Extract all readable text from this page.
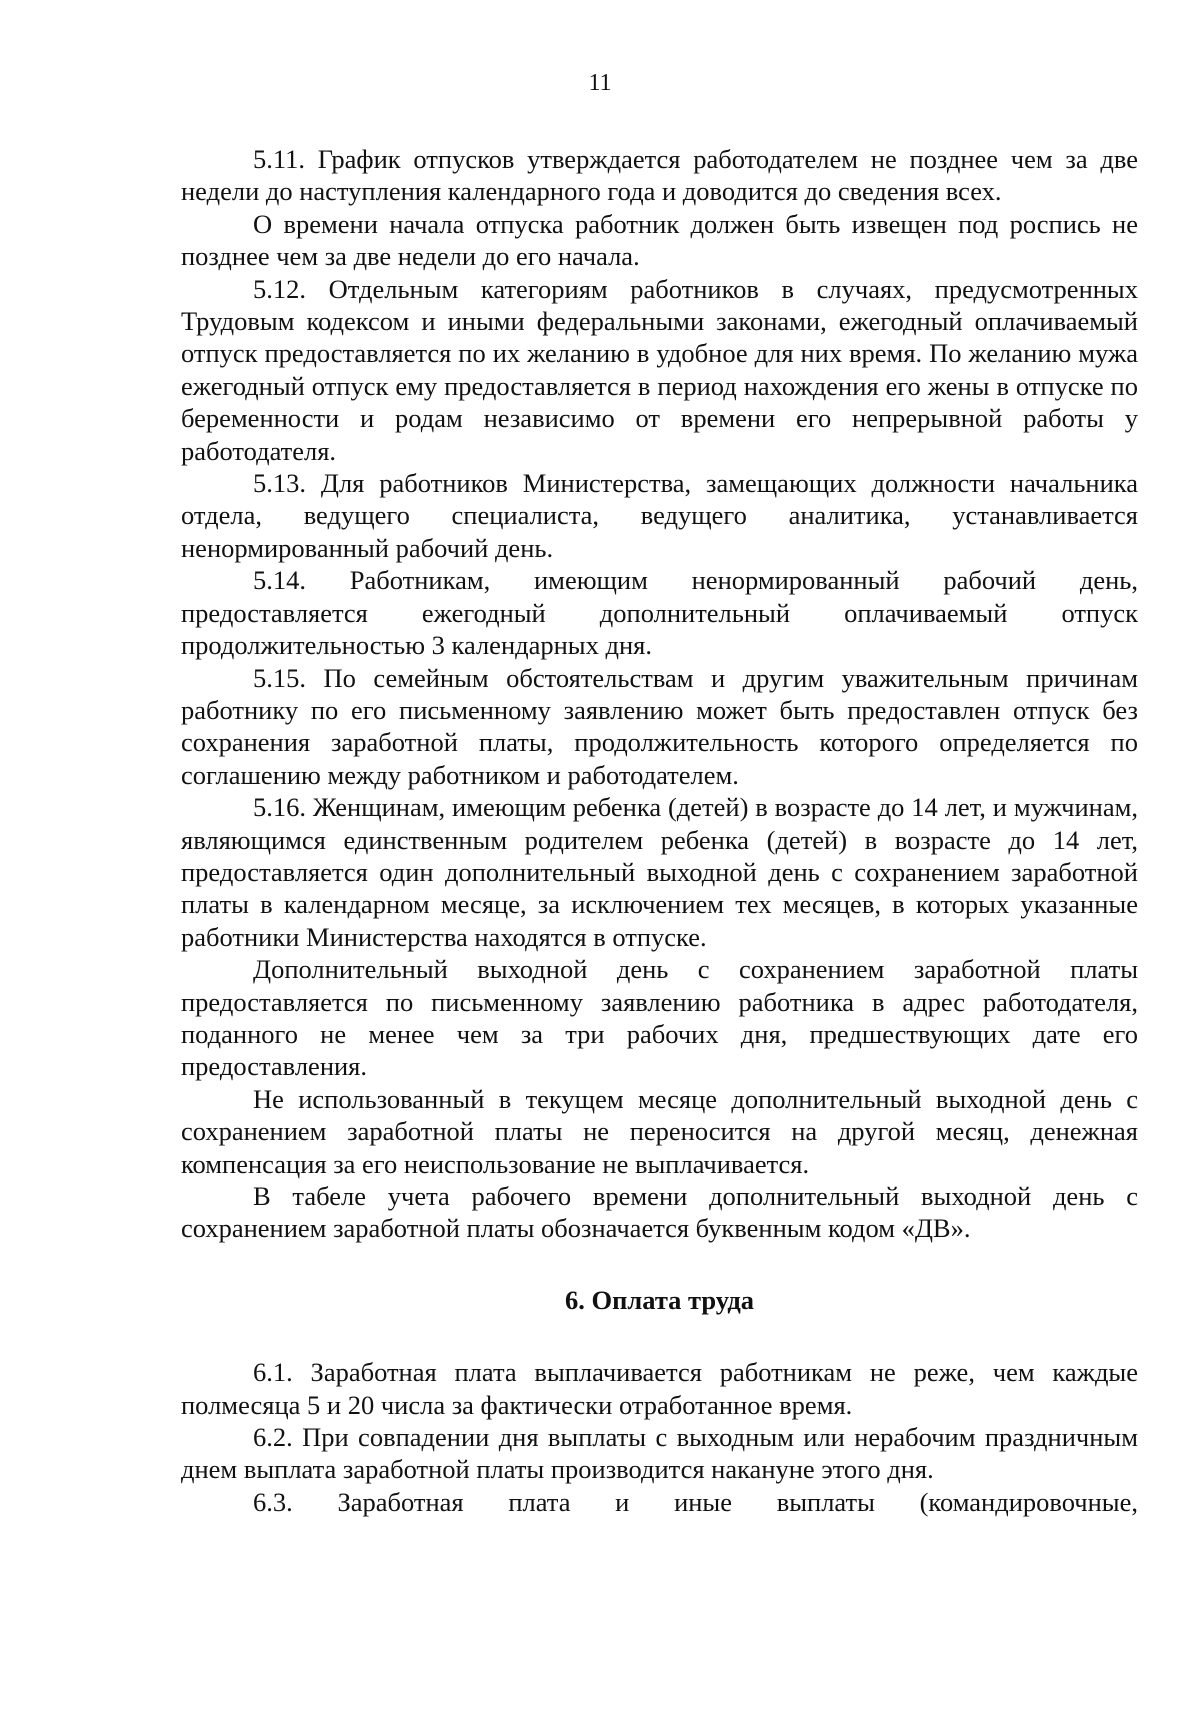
11

5.11. График отпусков утверждается работодателем не позднее чем за две недели до наступления календарного года и доводится до сведения всех.

О времени начала отпуска работник должен быть извещен под роспись не позднее чем за две недели до его начала.

5.12. Отдельным категориям работников в случаях, предусмотренных Трудовым кодексом и иными федеральными законами, ежегодный оплачиваемый отпуск предоставляется по их желанию в удобное для них время. По желанию мужа ежегодный отпуск ему предоставляется в период нахождения его жены в отпуске по беременности и родам независимо от времени его непрерывной работы у работодателя.

5.13. Для работников Министерства, замещающих должности начальника отдела, ведущего специалиста, ведущего аналитика, устанавливается ненормированный рабочий день.

5.14. Работникам, имеющим ненормированный рабочий день, предоставляется ежегодный дополнительный оплачиваемый отпуск продолжительностью 3 календарных дня.

5.15. По семейным обстоятельствам и другим уважительным причинам работнику по его письменному заявлению может быть предоставлен отпуск без сохранения заработной платы, продолжительность которого определяется по соглашению между работником и работодателем.

5.16. Женщинам, имеющим ребенка (детей) в возрасте до 14 лет, и мужчинам, являющимся единственным родителем ребенка (детей) в возрасте до 14 лет, предоставляется один дополнительный выходной день с сохранением заработной платы в календарном месяце, за исключением тех месяцев, в которых указанные работники Министерства находятся в отпуске.

Дополнительный выходной день с сохранением заработной платы предоставляется по письменному заявлению работника в адрес работодателя, поданного не менее чем за три рабочих дня, предшествующих дате его предоставления.

Не использованный в текущем месяце дополнительный выходной день с сохранением заработной платы не переносится на другой месяц, денежная компенсация за его неиспользование не выплачивается.

В табеле учета рабочего времени дополнительный выходной день с сохранением заработной платы обозначается буквенным кодом «ДВ».

6. Оплата труда

6.1. Заработная плата выплачивается работникам не реже, чем каждые полмесяца 5 и 20 числа за фактически отработанное время.

6.2. При совпадении дня выплаты с выходным или нерабочим праздничным днем выплата заработной платы производится накануне этого дня.

6.3. Заработная плата и иные выплаты (командировочные,
